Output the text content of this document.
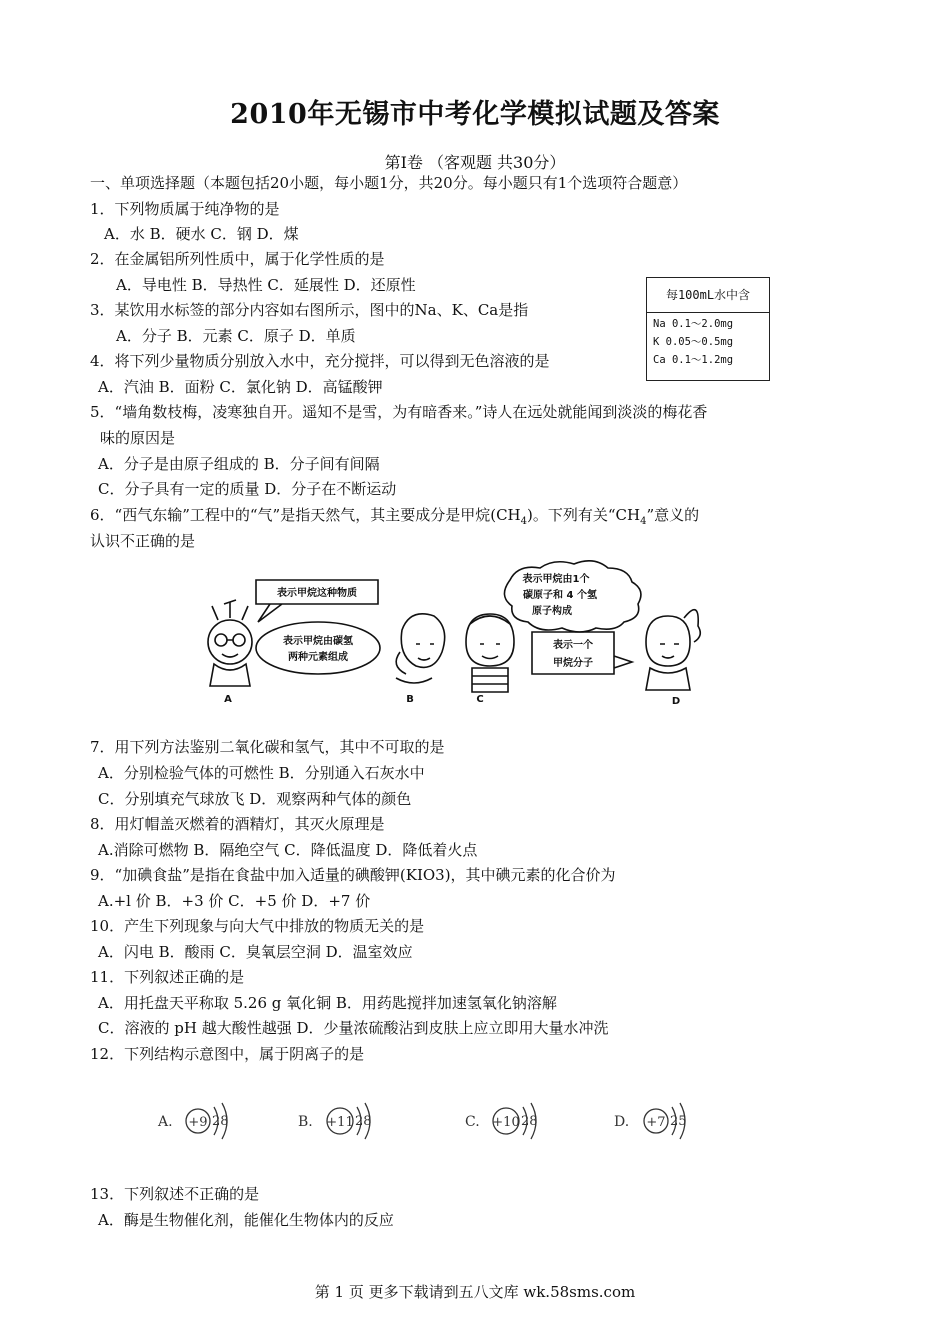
2010年无锡市中考化学模拟试题及答案
第I卷 （客观题 共30分）
一、单项选择题（本题包括20小题，每小题1分，共20分。每小题只有1个选项符合题意）
1．下列物质属于纯净物的是
A．水 B．硬水 C．钢 D．煤
2．在金属铝所列性质中，属于化学性质的是
A．导电性 B．导热性 C．延展性 D．还原性
3．某饮用水标签的部分内容如右图所示，图中的Na、K、Ca是指
A．分子 B．元素 C．原子 D．单质
每100mL水中含
Na 0.1～2.0mg
K 0.05～0.5mg
Ca 0.1～1.2mg
4．将下列少量物质分别放入水中，充分搅拌，可以得到无色溶液的是
A．汽油 B．面粉 C．氯化钠 D．高锰酸钾
5．“墙角数枝梅，凌寒独自开。遥知不是雪，为有暗香来。”诗人在远处就能闻到淡淡的梅花香
味的原因是
A．分子是由原子组成的 B．分子间有间隔
C．分子具有一定的质量 D．分子在不断运动
6．“西气东输”工程中的“气”是指天然气，其主要成分是甲烷$(CH_4)$。下列有关“$CH_4$”意义的
认识不正确的是
表示甲烷这种物质
表示甲烷由碳氢
两种元素组成
表示甲烷由1个
碳原子和 4 个氢
原子构成
表示一个
甲烷分子
A	B	C	D
7．用下列方法鉴别二氧化碳和氢气，其中不可取的是
A．分别检验气体的可燃性 B．分别通入石灰水中
C．分别填充气球放飞 D．观察两种气体的颜色
8．用灯帽盖灭燃着的酒精灯，其灭火原理是
A.消除可燃物 B．隔绝空气 C．降低温度 D．降低着火点
9．“加碘食盐”是指在食盐中加入适量的碘酸钾(KIO3)，其中碘元素的化合价为
A.+l 价 B．+3 价 C．+5 价 D．+7 价
10．产生下列现象与向大气中排放的物质无关的是
A．闪电 B．酸雨 C．臭氧层空洞 D．温室效应
11．下列叙述正确的是
A．用托盘天平称取 5.26 g 氧化铜 B．用药匙搅拌加速氢氧化钠溶解
C．溶液的 pH 越大酸性越强 D．少量浓硫酸沾到皮肤上应立即用大量水冲洗
12．下列结构示意图中，属于阴离子的是
A. +9 28	B. +11 28	C. +10 28	D. +7 25
13．下列叙述不正确的是
A．酶是生物催化剂，能催化生物体内的反应
第 1 页 更多下载请到五八文库 wk.58sms.com
